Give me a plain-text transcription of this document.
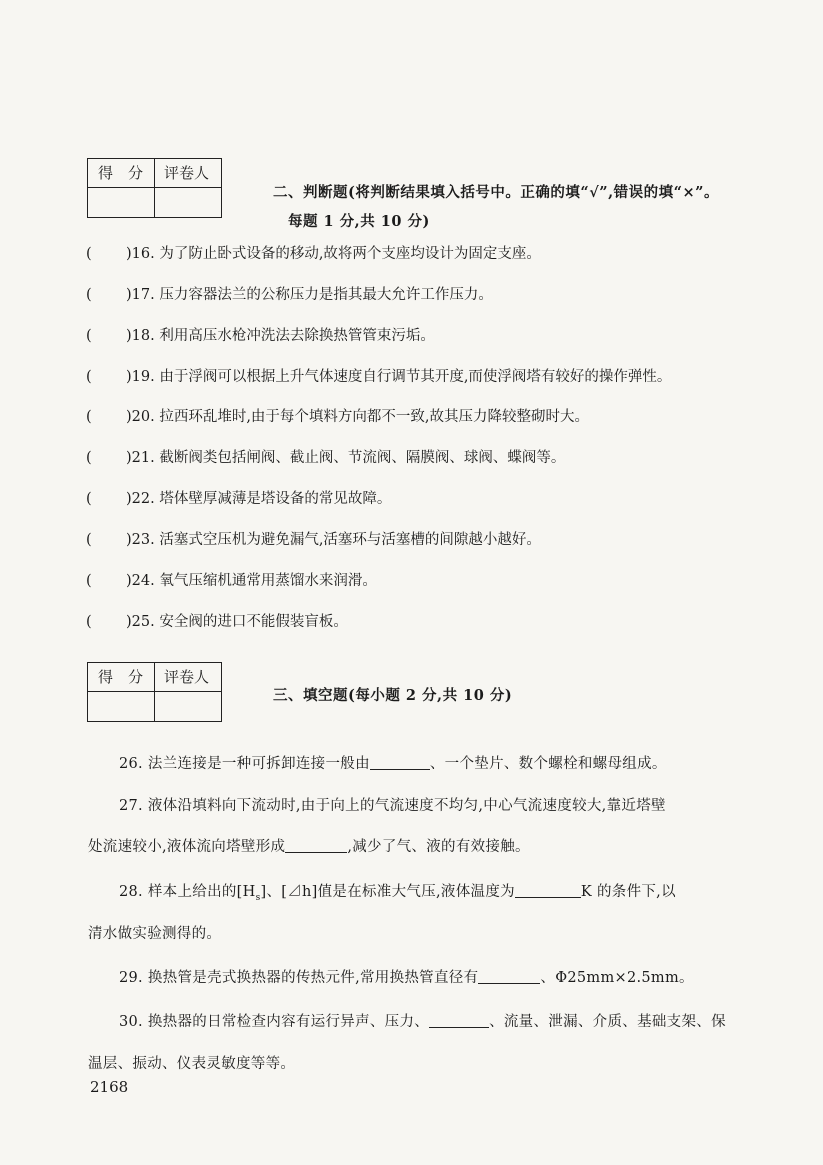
得　分 评卷人
二、判断题(将判断结果填入括号中。正确的填“√”,错误的填“×”。
每题 1 分,共 10 分)
( )16. 为了防止卧式设备的移动,故将两个支座均设计为固定支座。
( )17. 压力容器法兰的公称压力是指其最大允许工作压力。
( )18. 利用高压水枪冲洗法去除换热管管束污垢。
( )19. 由于浮阀可以根据上升气体速度自行调节其开度,而使浮阀塔有较好的操作弹性。
( )20. 拉西环乱堆时,由于每个填料方向都不一致,故其压力降较整砌时大。
( )21. 截断阀类包括闸阀、截止阀、节流阀、隔膜阀、球阀、蝶阀等。
( )22. 塔体壁厚减薄是塔设备的常见故障。
( )23. 活塞式空压机为避免漏气,活塞环与活塞槽的间隙越小越好。
( )24. 氧气压缩机通常用蒸馏水来润滑。
( )25. 安全阀的进口不能假装盲板。
得　分 评卷人
三、填空题(每小题 2 分,共 10 分)
26. 法兰连接是一种可拆卸连接一般由	、一个垫片、数个螺栓和螺母组成。
27. 液体沿填料向下流动时,由于向上的气流速度不均匀,中心气流速度较大,靠近塔壁
处流速较小,液体流向塔壁形成	,减少了气、液的有效接触。
28. 样本上给出的$[H_s]$、[⊿h]值是在标准大气压,液体温度为	K 的条件下,以
清水做实验测得的。
29. 换热管是壳式换热器的传热元件,常用换热管直径有	、Φ25mm×2.5mm。
30. 换热器的日常检查内容有运行异声、压力、	、流量、泄漏、介质、基础支架、保
温层、振动、仪表灵敏度等等。
2168
